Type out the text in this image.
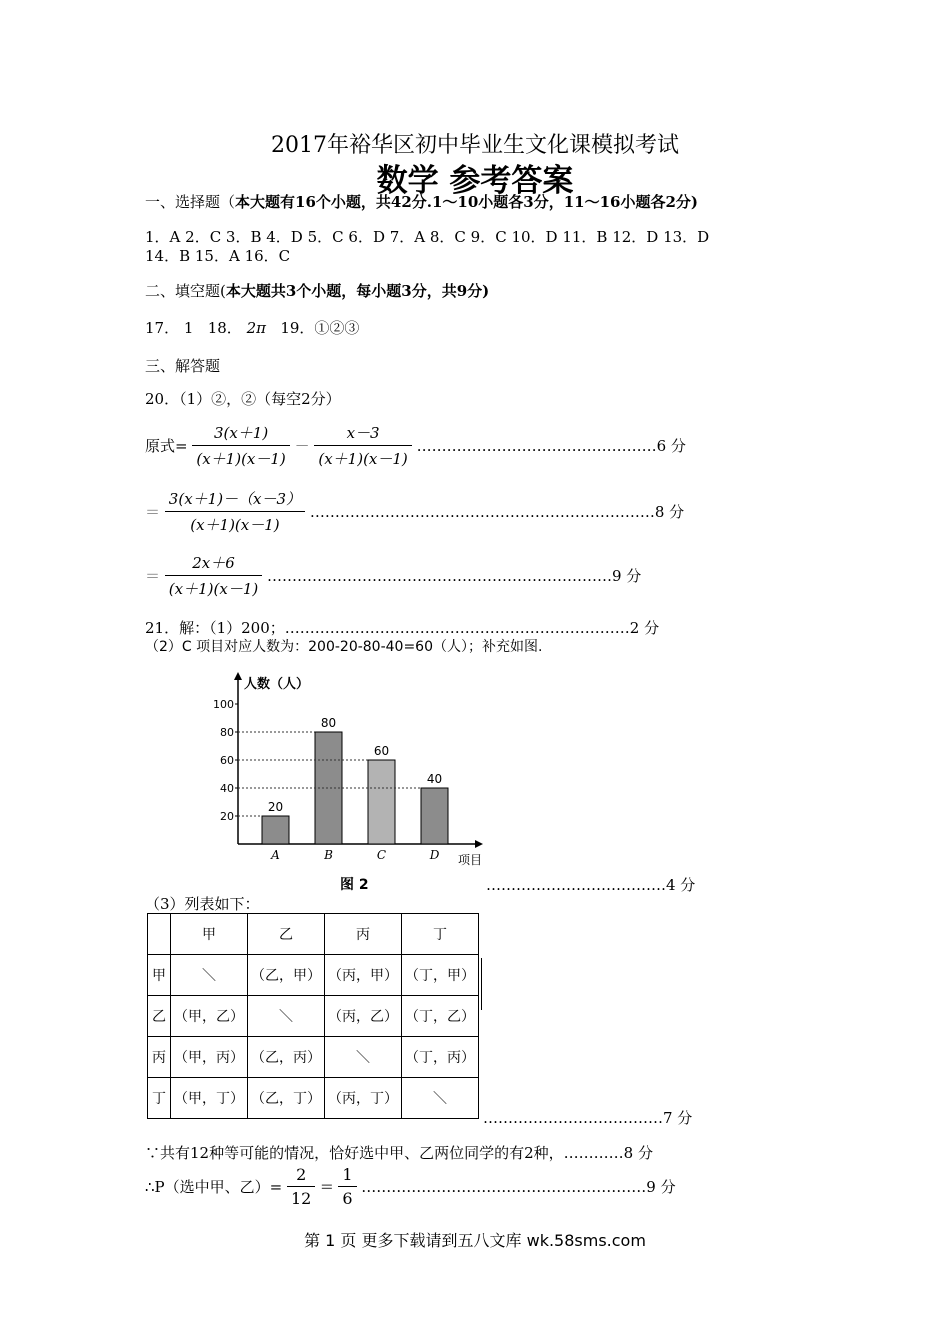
2017年裕华区初中毕业生文化课模拟考试
数学 参考答案
一、选择题（本大题有16个小题，共42分.1～10小题各3分，11～16小题各2分)
1．A 2．C 3．B 4．D 5．C 6．D 7．A 8．C 9．C 10．D 11．B 12．D 13．D
14．B 15．A 16．C
二、填空题(本大题共3个小题，每小题3分，共9分)
17． 1 18． 2π 19．①②③
三、解答题
20．（1）②，②（每空2分）
原式= $\frac{3(x+1)}{(x+1)(x-1)} - \frac{x-3}{(x+1)(x-1)}$ …………………………………………6 分
＝ $\frac{3(x+1)-(x-3)}{(x+1)(x-1)}$ ……………………………………………………………8 分
＝ $\frac{2x+6}{(x+1)(x-1)}$ ……………………………………………………………9 分
21．解：（1）200；……………………………………………………………2 分
（2）C 项目对应人数为：200-20-80-40=60（人）；补充如图.
人数（人）
项目
20
40
60
80
100
20
A
80
B
60
C
40
D
图 2	………………………………4 分
（3）列表如下：
	甲	乙	丙	丁
甲	＼	（乙，甲）	（丙，甲）	（丁，甲）
乙	（甲，乙）	＼	（丙，乙）	（丁，乙）
丙	（甲，丙）	（乙，丙）	＼	（丁，丙）
丁	（甲，丁）	（乙，丁）	（丙，丁）	＼
………………………………7 分
∵共有12种等可能的情况，恰好选中甲、乙两位同学的有2种，…………8 分
∴P（选中甲、乙）= $\frac{2}{12} = \frac{1}{6}$ …………………………………………………9 分
第 1 页 更多下载请到五八文库 wk.58sms.com
